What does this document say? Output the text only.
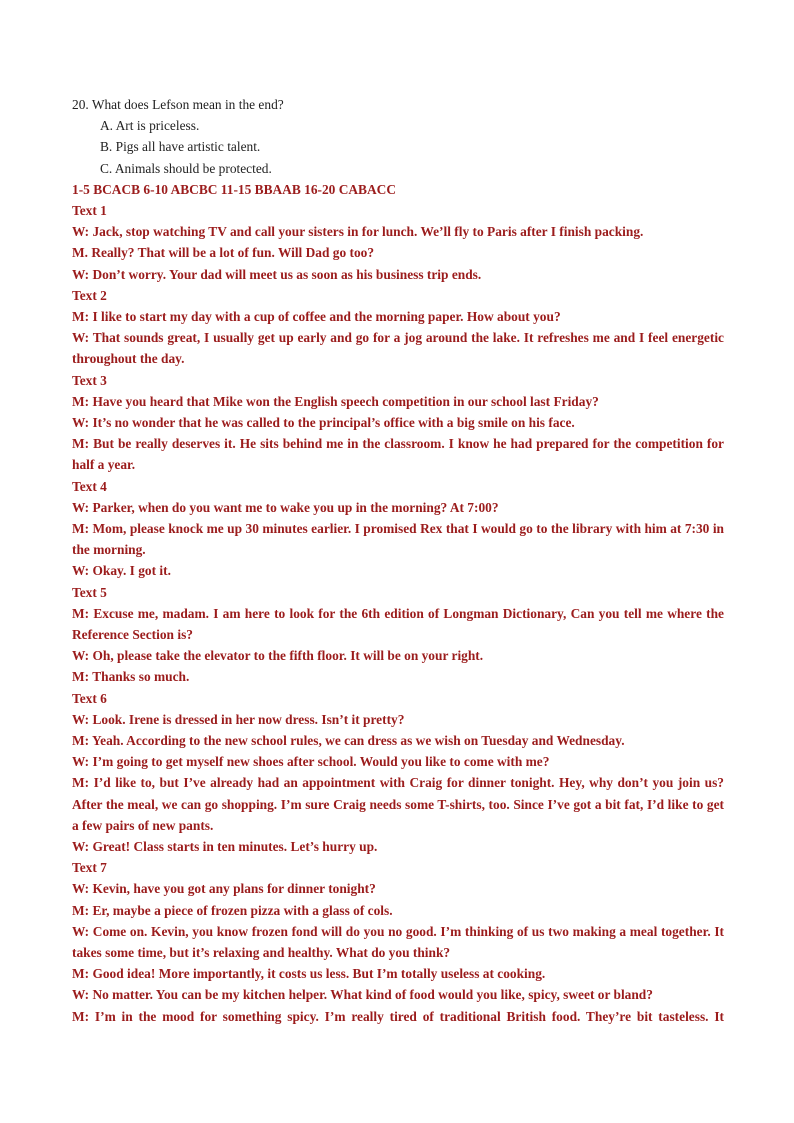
20. What does Lefson mean in the end?
A. Art is priceless.
B. Pigs all have artistic talent.
C. Animals should be protected.
1-5 BCACB 6-10 ABCBC 11-15 BBAAB 16-20 CABACC
Text 1
W: Jack, stop watching TV and call your sisters in for lunch. We’ll fly to Paris after I finish packing.
M. Really? That will be a lot of fun. Will Dad go too?
W: Don’t worry. Your dad will meet us as soon as his business trip ends.
Text 2
M: I like to start my day with a cup of coffee and the morning paper. How about you?
W: That sounds great, I usually get up early and go for a jog around the lake. It refreshes me and I feel energetic throughout the day.
Text 3
M: Have you heard that Mike won the English speech competition in our school last Friday?
W: It’s no wonder that he was called to the principal’s office with a big smile on his face.
M: But be really deserves it. He sits behind me in the classroom. I know he had prepared for the competition for half a year.
Text 4
W: Parker, when do you want me to wake you up in the morning? At 7:00?
M: Mom, please knock me up 30 minutes earlier. I promised Rex that I would go to the library with him at 7:30 in the morning.
W: Okay. I got it.
Text 5
M: Excuse me, madam. I am here to look for the 6th edition of Longman Dictionary, Can you tell me where the Reference Section is?
W: Oh, please take the elevator to the fifth floor. It will be on your right.
M: Thanks so much.
Text 6
W: Look. Irene is dressed in her now dress. Isn’t it pretty?
M: Yeah. According to the new school rules, we can dress as we wish on Tuesday and Wednesday.
W: I’m going to get myself new shoes after school. Would you like to come with me?
M: I’d like to, but I’ve already had an appointment with Craig for dinner tonight. Hey, why don’t you join us? After the meal, we can go shopping. I’m sure Craig needs some T-shirts, too. Since I’ve got a bit fat, I’d like to get a few pairs of new pants.
W: Great! Class starts in ten minutes. Let’s hurry up.
Text 7
W: Kevin, have you got any plans for dinner tonight?
M: Er, maybe a piece of frozen pizza with a glass of cols.
W: Come on. Kevin, you know frozen fond will do you no good. I’m thinking of us two making a meal together. It takes some time, but it’s relaxing and healthy. What do you think?
M: Good idea! More importantly, it costs us less. But I’m totally useless at cooking.
W: No matter. You can be my kitchen helper. What kind of food would you like, spicy, sweet or bland?
M: I’m in the mood for something spicy. I’m really tired of traditional British food. They’re bit tasteless. It
